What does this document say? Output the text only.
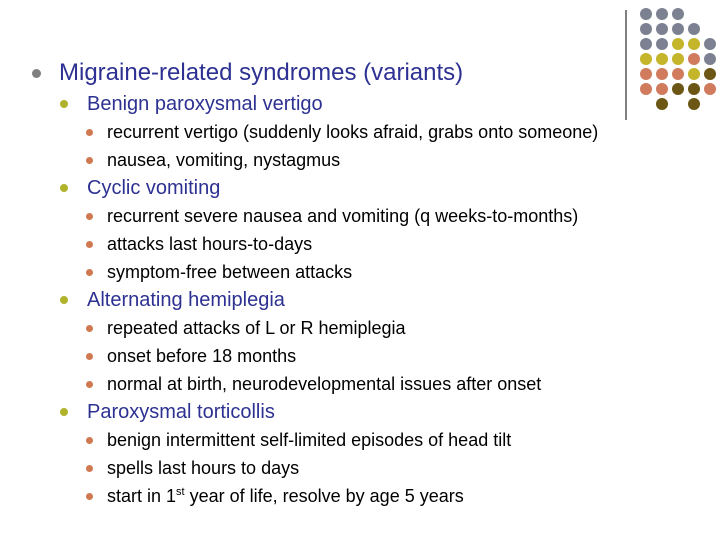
Migraine-related syndromes (variants)
Benign paroxysmal vertigo
recurrent vertigo (suddenly looks afraid, grabs onto someone)
nausea, vomiting, nystagmus
Cyclic vomiting
recurrent severe nausea and vomiting (q weeks-to-months)
attacks last hours-to-days
symptom-free between attacks
Alternating hemiplegia
repeated attacks of L or R hemiplegia
onset before 18 months
normal at birth, neurodevelopmental issues after onset
Paroxysmal torticollis
benign intermittent self-limited episodes of head tilt
spells last hours to days
start in 1st year of life, resolve by age 5 years
